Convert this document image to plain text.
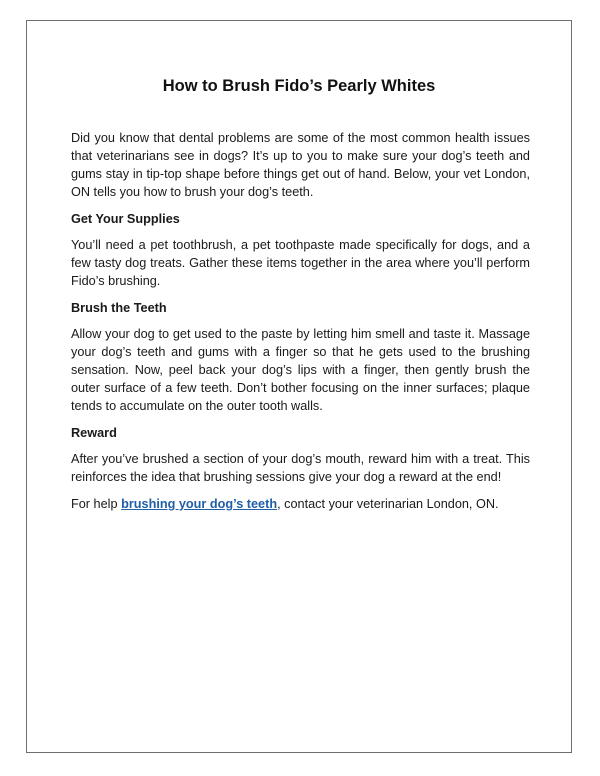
How to Brush Fido’s Pearly Whites

Did you know that dental problems are some of the most common health issues that veterinarians see in dogs? It’s up to you to make sure your dog’s teeth and gums stay in tip-top shape before things get out of hand. Below, your vet London, ON tells you how to brush your dog’s teeth.

Get Your Supplies

You’ll need a pet toothbrush, a pet toothpaste made specifically for dogs, and a few tasty dog treats. Gather these items together in the area where you’ll perform Fido’s brushing.

Brush the Teeth

Allow your dog to get used to the paste by letting him smell and taste it. Massage your dog’s teeth and gums with a finger so that he gets used to the brushing sensation. Now, peel back your dog’s lips with a finger, then gently brush the outer surface of a few teeth. Don’t bother focusing on the inner surfaces; plaque tends to accumulate on the outer tooth walls.

Reward

After you’ve brushed a section of your dog’s mouth, reward him with a treat. This reinforces the idea that brushing sessions give your dog a reward at the end!

For help brushing your dog’s teeth, contact your veterinarian London, ON.
